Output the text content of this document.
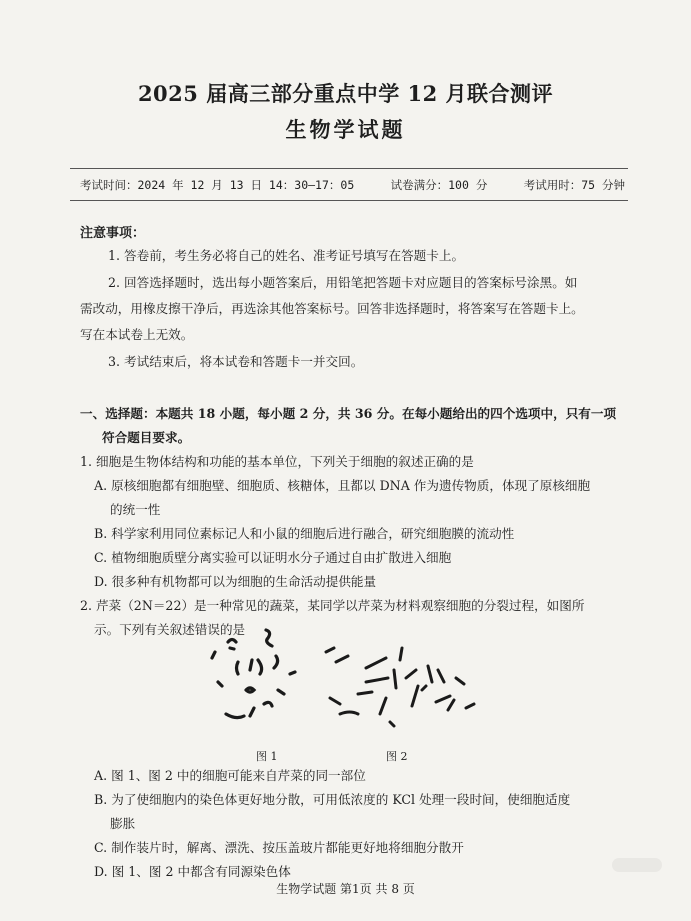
2025 届高三部分重点中学 12 月联合测评
生物学试题
考试时间：2024 年 12 月 13 日 14：30—17：05	试卷满分：100 分	考试用时：75 分钟
注意事项：
1. 答卷前，考生务必将自己的姓名、准考证号填写在答题卡上。
2. 回答选择题时，选出每小题答案后，用铅笔把答题卡对应题目的答案标号涂黑。如
需改动，用橡皮擦干净后，再选涂其他答案标号。回答非选择题时，将答案写在答题卡上。
写在本试卷上无效。
3. 考试结束后，将本试卷和答题卡一并交回。
一、选择题：本题共 18 小题，每小题 2 分，共 36 分。在每小题给出的四个选项中，只有一项
符合题目要求。
1. 细胞是生物体结构和功能的基本单位，下列关于细胞的叙述正确的是
A. 原核细胞都有细胞壁、细胞质、核糖体，且都以 DNA 作为遗传物质，体现了原核细胞
的统一性
B. 科学家利用同位素标记人和小鼠的细胞后进行融合，研究细胞膜的流动性
C. 植物细胞质壁分离实验可以证明水分子通过自由扩散进入细胞
D. 很多种有机物都可以为细胞的生命活动提供能量
2. 芹菜（2N＝22）是一种常见的蔬菜，某同学以芹菜为材料观察细胞的分裂过程，如图所
示。下列有关叙述错误的是
图 1	图 2
A. 图 1、图 2 中的细胞可能来自芹菜的同一部位
B. 为了使细胞内的染色体更好地分散，可用低浓度的 KCl 处理一段时间，使细胞适度
膨胀
C. 制作装片时，解离、漂洗、按压盖玻片都能更好地将细胞分散开
D. 图 1、图 2 中都含有同源染色体
生物学试题 第1页 共 8 页
